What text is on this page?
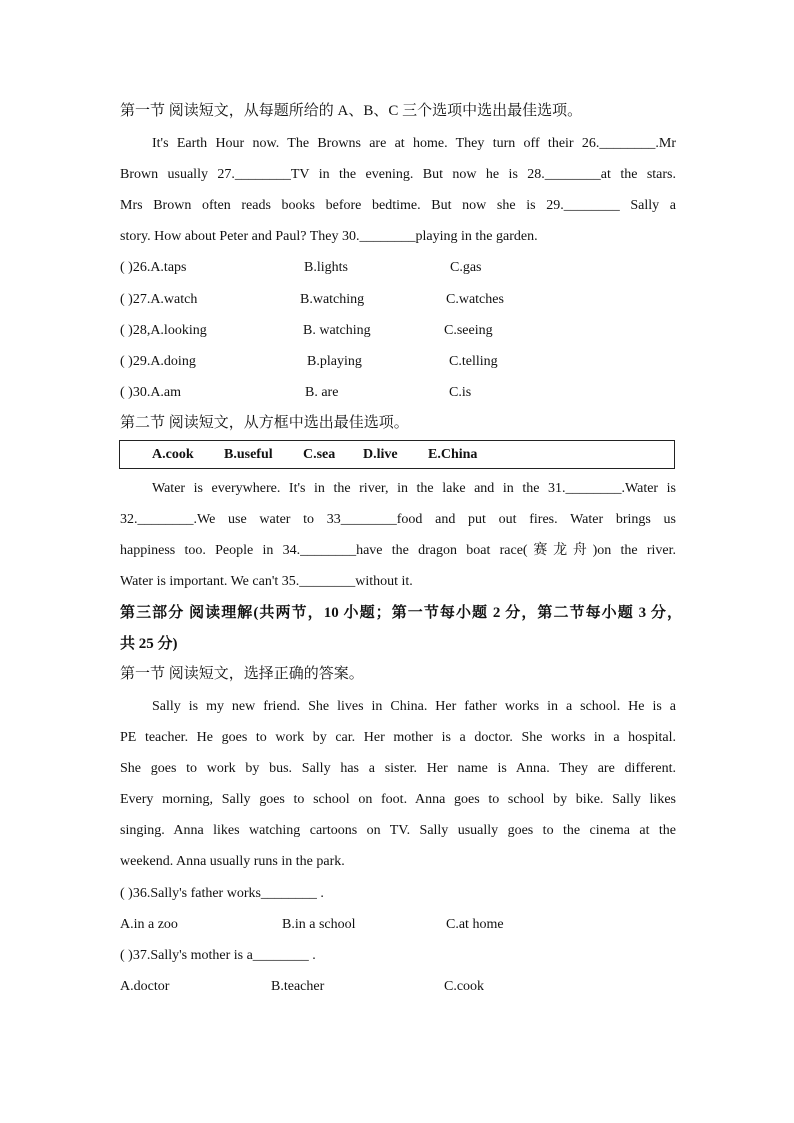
第一节 阅读短文，从每题所给的 A、B、C 三个选项中选出最佳选项。
It's Earth Hour now. The Browns are at home. They turn off their 26.________.Mr
Brown usually 27.________TV in the evening. But now he is 28.________at the stars.
Mrs Brown often reads books before bedtime. But now she is 29.________ Sally a
story. How about Peter and Paul? They 30.________playing in the garden.
( )26.A.taps	B.lights	C.gas
( )27.A.watch	B.watching	C.watches
( )28,A.looking	B. watching	C.seeing
( )29.A.doing	B.playing	C.telling
( )30.A.am	B. are	C.is
第二节 阅读短文，从方框中选出最佳选项。
A.cook B.useful C.sea D.live E.China
Water is everywhere. It's in the river, in the lake and in the 31.________.Water is
32.________.We use water to 33________food and put out fires. Water brings us
happiness too. People in 34.________have the dragon boat race(赛龙舟)on the river.
Water is important. We can't 35.________without it.
第三部分 阅读理解(共两节，10 小题；第一节每小题 2 分，第二节每小题 3 分，
共 25 分)
第一节 阅读短文，选择正确的答案。
Sally is my new friend. She lives in China. Her father works in a school. He is a
PE teacher. He goes to work by car. Her mother is a doctor. She works in a hospital.
She goes to work by bus. Sally has a sister. Her name is Anna. They are different.
Every morning, Sally goes to school on foot. Anna goes to school by bike. Sally likes
singing. Anna likes watching cartoons on TV. Sally usually goes to the cinema at the
weekend. Anna usually runs in the park.
( )36.Sally's father works________ .
A.in a zoo	B.in a school	C.at home
( )37.Sally's mother is a________ .
A.doctor	B.teacher	C.cook
